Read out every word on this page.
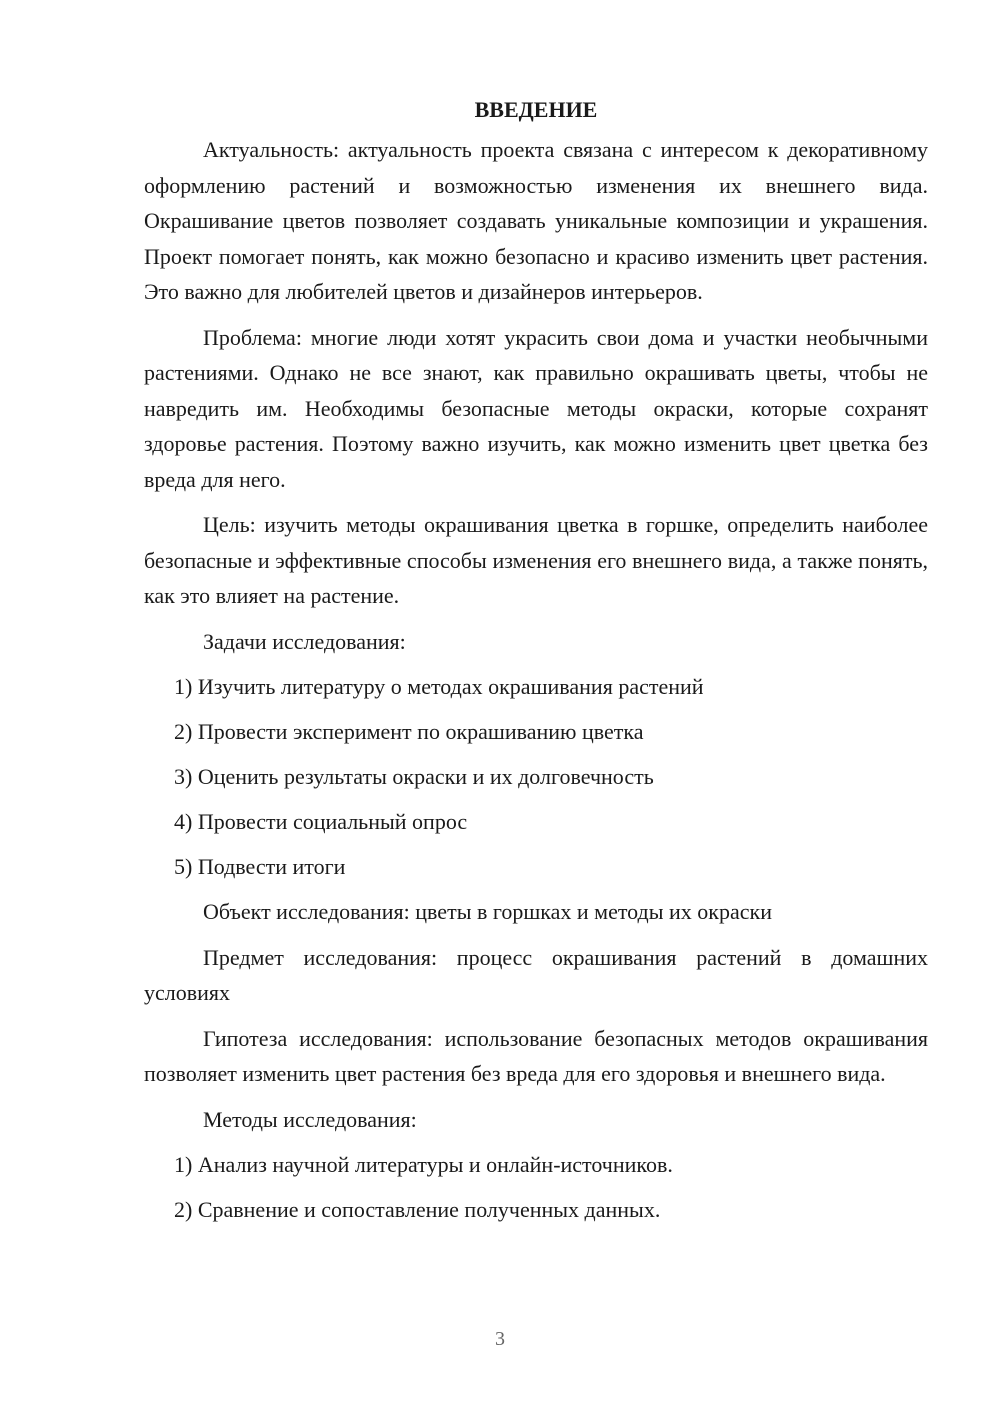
ВВЕДЕНИЕ

Актуальность: актуальность проекта связана с интересом к декоративному оформлению растений и возможностью изменения их внешнего вида. Окрашивание цветов позволяет создавать уникальные композиции и украшения. Проект помогает понять, как можно безопасно и красиво изменить цвет растения. Это важно для любителей цветов и дизайнеров интерьеров.

Проблема: многие люди хотят украсить свои дома и участки необычными растениями. Однако не все знают, как правильно окрашивать цветы, чтобы не навредить им. Необходимы безопасные методы окраски, которые сохранят здоровье растения. Поэтому важно изучить, как можно изменить цвет цветка без вреда для него.

Цель: изучить методы окрашивания цветка в горшке, определить наиболее безопасные и эффективные способы изменения его внешнего вида, а также понять, как это влияет на растение.

Задачи исследования:

1) Изучить литературу о методах окрашивания растений
2) Провести эксперимент по окрашиванию цветка
3) Оценить результаты окраски и их долговечность
4) Провести социальный опрос
5) Подвести итоги

Объект исследования: цветы в горшках и методы их окраски

Предмет исследования: процесс окрашивания растений в домашних условиях

Гипотеза исследования: использование безопасных методов окрашивания позволяет изменить цвет растения без вреда для его здоровья и внешнего вида.

Методы исследования:

1) Анализ научной литературы и онлайн-источников.
2) Сравнение и сопоставление полученных данных.
3
